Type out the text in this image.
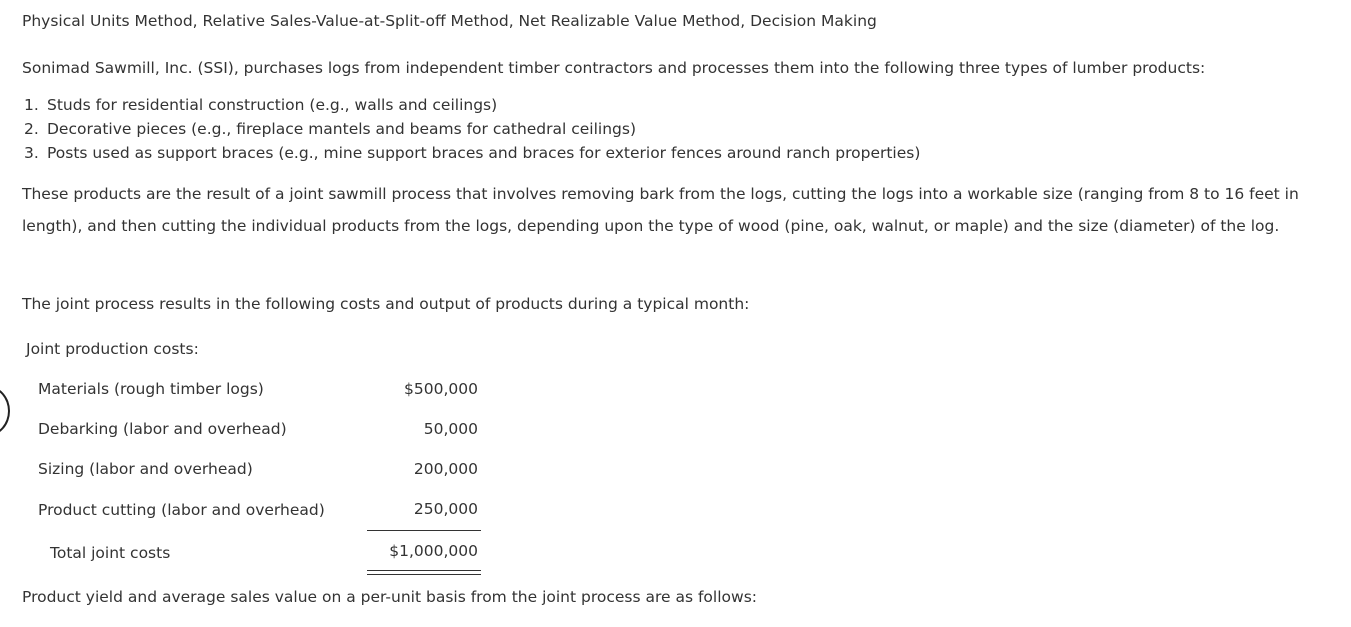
Physical Units Method, Relative Sales-Value-at-Split-off Method, Net Realizable Value Method, Decision Making
Sonimad Sawmill, Inc. (SSI), purchases logs from independent timber contractors and processes them into the following three types of lumber products:
1. Studs for residential construction (e.g., walls and ceilings)
2. Decorative pieces (e.g., fireplace mantels and beams for cathedral ceilings)
3. Posts used as support braces (e.g., mine support braces and braces for exterior fences around ranch properties)
These products are the result of a joint sawmill process that involves removing bark from the logs, cutting the logs into a workable size (ranging from 8 to 16 feet in length), and then cutting the individual products from the logs, depending upon the type of wood (pine, oak, walnut, or maple) and the size (diameter) of the log.
The joint process results in the following costs and output of products during a typical month:
Joint production costs:
Materials (rough timber logs)	$500,000
Debarking (labor and overhead)	50,000
Sizing (labor and overhead)	200,000
Product cutting (labor and overhead)	250,000
Total joint costs	$1,000,000
Product yield and average sales value on a per-unit basis from the joint process are as follows:
